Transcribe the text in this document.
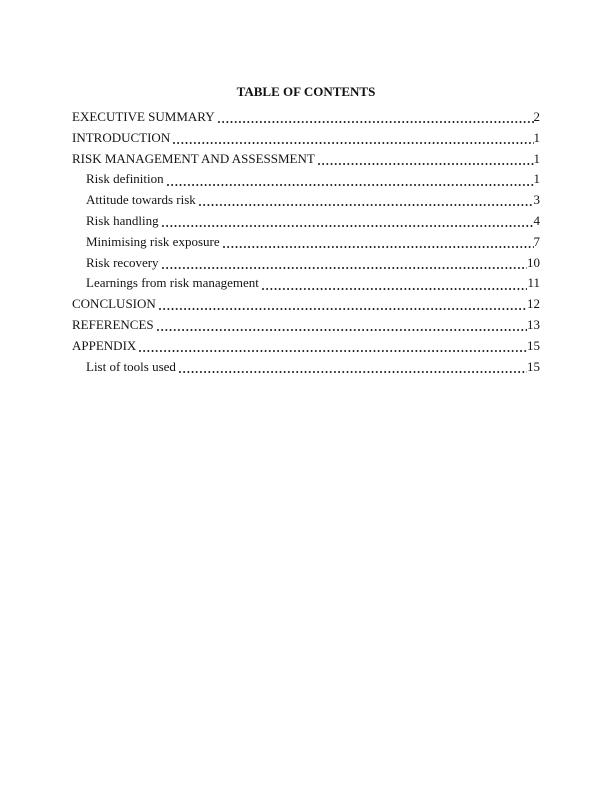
TABLE OF CONTENTS
EXECUTIVE SUMMARY	2
INTRODUCTION	1
RISK MANAGEMENT AND ASSESSMENT	1
Risk definition	1
Attitude towards risk	3
Risk handling	4
Minimising risk exposure	7
Risk recovery	10
Learnings from risk management	11
CONCLUSION	12
REFERENCES	13
APPENDIX	15
List of tools used	15
